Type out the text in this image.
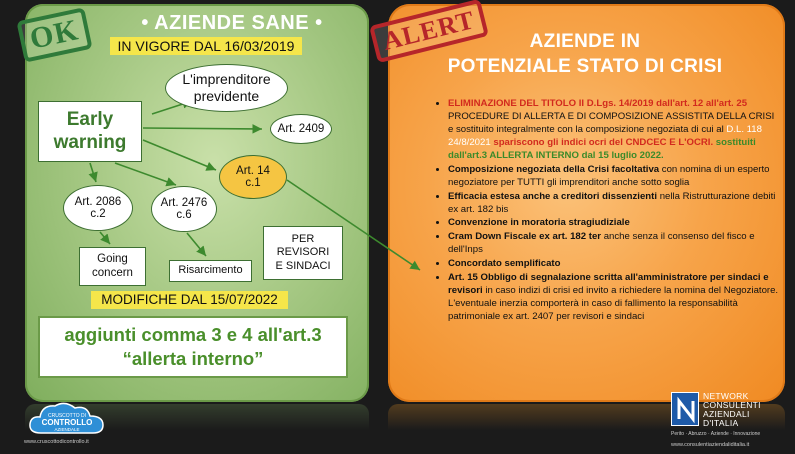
OK	• AZIENDE SANE •
IN VIGORE DAL 16/03/2019
L'imprenditore
previdente
Early
warning
Art. 2409
Art. 14
c.1
Art. 2086
c.2
Art. 2476
c.6
Going
concern	Risarcimento
PER
REVISORI
E SINDACI
MODIFICHE DAL 15/07/2022
aggiunti comma 3 e 4 all'art.3
“allerta interno”
ALERT	AZIENDE IN
POTENZIALE STATO DI CRISI
• ELIMINAZIONE DEL TITOLO II D.Lgs. 14/2019 dall'art. 12 all'art. 25 PROCEDURE DI ALLERTA E DI COMPOSIZIONE ASSISTITA DELLA CRISI e sostituito integralmente con la composizione negoziata di cui al D.L. 118 24/8/2021 spariscono gli indici ocri del CNDCEC E L'OCRI. sostituiti dall'art.3 ALLERTA INTERNO dal 15 luglio 2022.
• Composizione negoziata della Crisi facoltativa con nomina di un esperto negoziatore per TUTTI gli imprenditori anche sotto soglia
• Efficacia estesa anche a creditori dissenzienti nella Ristrutturazione debiti ex art. 182 bis
• Convenzione in moratoria stragiudiziale
• Cram Down Fiscale ex art. 182 ter anche senza il consenso del fisco e dell'Inps
• Concordato semplificato
• Art. 15 Obbligo di segnalazione scritta all'amministratore per sindaci e revisori in caso indizi di crisi ed invito a richiedere la nomina del Negoziatore. L'eventuale inerzia comporterà in caso di fallimento la responsabilità patrimoniale ex art. 2407 per revisori e sindaci
CRUSCOTTO DI
CONTROLLO
AZIENDALE
www.cruscottodicontrollo.it
NETWORK
CONSULENTI
AZIENDALI
D'ITALIA
Perito · Abruzzo · Aziende · Innovazione
www.consulentiaziendaliditalia.it
